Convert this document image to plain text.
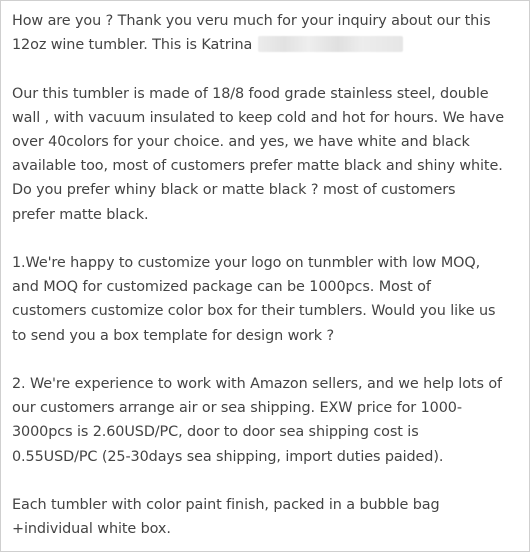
How are you ? Thank you veru much for your inquiry about our this
12oz wine tumbler. This is Katrina
Our this tumbler is made of 18/8 food grade stainless steel, double
wall , with vacuum insulated to keep cold and hot for hours. We have
over 40colors for your choice. and yes, we have white and black
available too, most of customers prefer matte black and shiny white.
Do you prefer whiny black or matte black ? most of customers
prefer matte black.
1.We're happy to customize your logo on tunmbler with low MOQ,
and MOQ for customized package can be 1000pcs. Most of
customers customize color box for their tumblers. Would you like us
to send you a box template for design work ?
2. We're experience to work with Amazon sellers, and we help lots of
our customers arrange air or sea shipping. EXW price for 1000-
3000pcs is 2.60USD/PC, door to door sea shipping cost is
0.55USD/PC (25-30days sea shipping, import duties paided).
Each tumbler with color paint finish, packed in a bubble bag
+individual white box.
